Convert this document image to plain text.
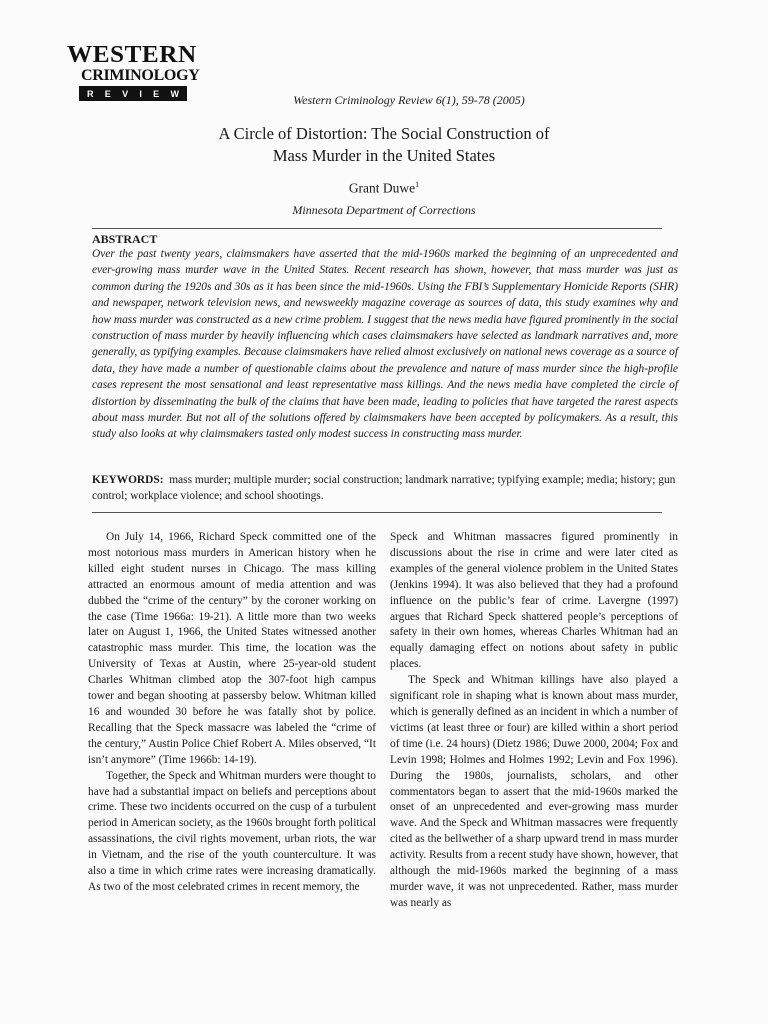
WESTERN
CRIMINOLOGY
R E V I E W	Western Criminology Review 6(1), 59-78 (2005)
A Circle of Distortion: The Social Construction of
Mass Murder in the United States
Grant Duwe$^1$
Minnesota Department of Corrections
ABSTRACT
Over the past twenty years, claimsmakers have asserted that the mid-1960s marked the beginning of an unprecedented and ever-growing mass murder wave in the United States. Recent research has shown, however, that mass murder was just as common during the 1920s and 30s as it has been since the mid-1960s. Using the FBI’s Supplementary Homicide Reports (SHR) and newspaper, network television news, and newsweekly magazine coverage as sources of data, this study examines why and how mass murder was constructed as a new crime problem. I suggest that the news media have figured prominently in the social construction of mass murder by heavily influencing which cases claimsmakers have selected as landmark narratives and, more generally, as typifying examples. Because claimsmakers have relied almost exclusively on national news coverage as a source of data, they have made a number of questionable claims about the prevalence and nature of mass murder since the high-profile cases represent the most sensational and least representative mass killings. And the news media have completed the circle of distortion by disseminating the bulk of the claims that have been made, leading to policies that have targeted the rarest aspects about mass murder. But not all of the solutions offered by claimsmakers have been accepted by policymakers. As a result, this study also looks at why claimsmakers tasted only modest success in constructing mass murder.
KEYWORDS: mass murder; multiple murder; social construction; landmark narrative; typifying example; media; history; gun control; workplace violence; and school shootings.

On July 14, 1966, Richard Speck committed one of the most notorious mass murders in American history when he killed eight student nurses in Chicago. The mass killing attracted an enormous amount of media attention and was dubbed the “crime of the century” by the coroner working on the case (Time 1966a: 19-21). A little more than two weeks later on August 1, 1966, the United States witnessed another catastrophic mass murder. This time, the location was the University of Texas at Austin, where 25-year-old student Charles Whitman climbed atop the 307-foot high campus tower and began shooting at passersby below. Whitman killed 16 and wounded 30 before he was fatally shot by police. Recalling that the Speck massacre was labeled the “crime of the century,” Austin Police Chief Robert A. Miles observed, “It isn’t anymore” (Time 1966b: 14-19).

Together, the Speck and Whitman murders were thought to have had a substantial impact on beliefs and perceptions about crime. These two incidents occurred on the cusp of a turbulent period in American society, as the 1960s brought forth political assassinations, the civil rights movement, urban riots, the war in Vietnam, and the rise of the youth counterculture. It was also a time in which crime rates were increasing dramatically. As two of the most celebrated crimes in recent memory, the

Speck and Whitman massacres figured prominently in discussions about the rise in crime and were later cited as examples of the general violence problem in the United States (Jenkins 1994). It was also believed that they had a profound influence on the public’s fear of crime. Lavergne (1997) argues that Richard Speck shattered people’s perceptions of safety in their own homes, whereas Charles Whitman had an equally damaging effect on notions about safety in public places.

The Speck and Whitman killings have also played a significant role in shaping what is known about mass murder, which is generally defined as an incident in which a number of victims (at least three or four) are killed within a short period of time (i.e. 24 hours) (Dietz 1986; Duwe 2000, 2004; Fox and Levin 1998; Holmes and Holmes 1992; Levin and Fox 1996). During the 1980s, journalists, scholars, and other commentators began to assert that the mid-1960s marked the onset of an unprecedented and ever-growing mass murder wave. And the Speck and Whitman massacres were frequently cited as the bellwether of a sharp upward trend in mass murder activity. Results from a recent study have shown, however, that although the mid-1960s marked the beginning of a mass murder wave, it was not unprecedented. Rather, mass murder was nearly as
